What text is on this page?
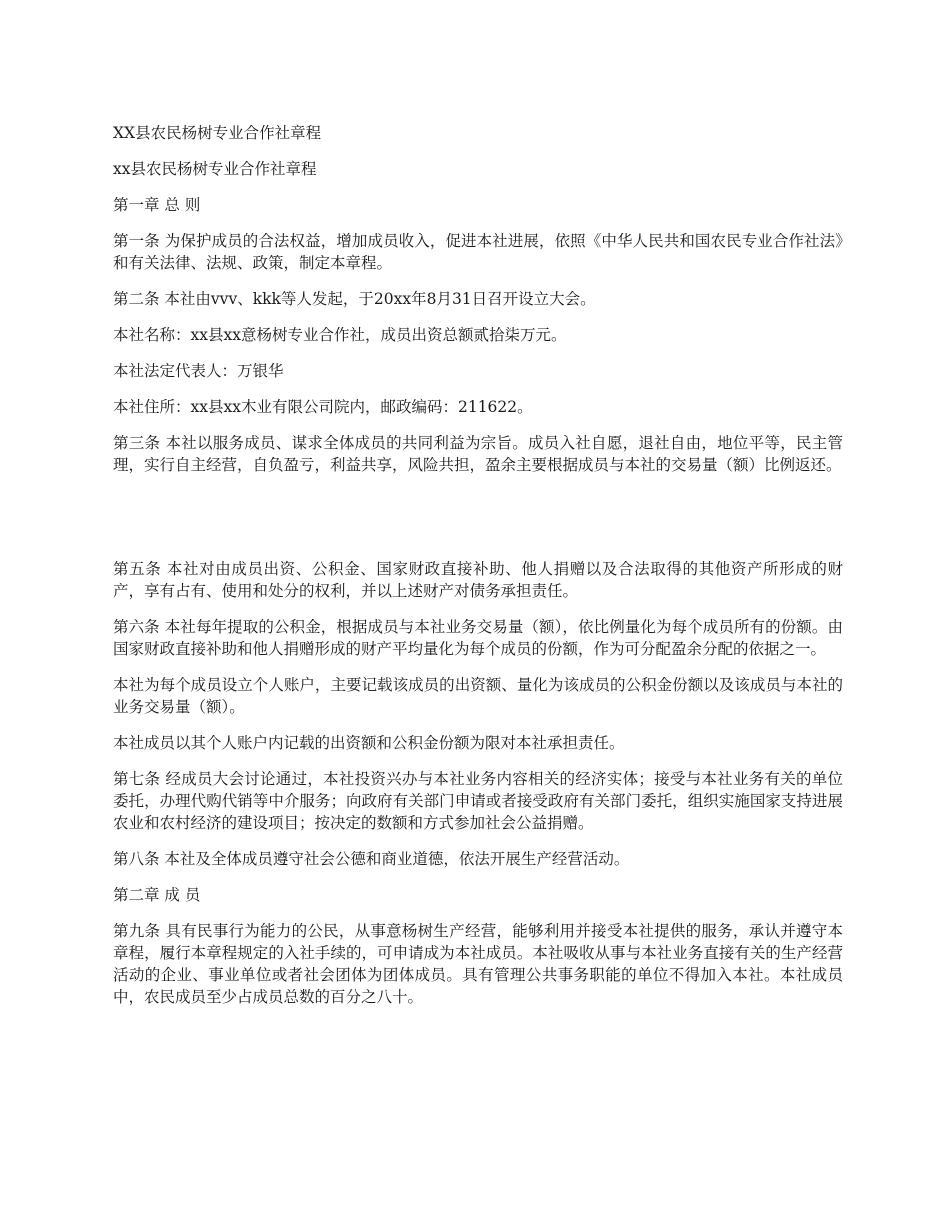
XX县农民杨树专业合作社章程

xx县农民杨树专业合作社章程

第一章 总 则

第一条 为保护成员的合法权益，增加成员收入，促进本社进展，依照《中华人民共和国农民专业合作社法》和有关法律、法规、政策，制定本章程。

第二条 本社由vvv、kkk等人发起，于20xx年8月31日召开设立大会。

本社名称：xx县xx意杨树专业合作社，成员出资总额贰拾柒万元。

本社法定代表人：万银华

本社住所：xx县xx木业有限公司院内，邮政编码：211622。

第三条 本社以服务成员、谋求全体成员的共同利益为宗旨。成员入社自愿，退社自由，地位平等，民主管理，实行自主经营，自负盈亏，利益共享，风险共担，盈余主要根据成员与本社的交易量（额）比例返还。

第五条 本社对由成员出资、公积金、国家财政直接补助、他人捐赠以及合法取得的其他资产所形成的财产，享有占有、使用和处分的权利，并以上述财产对债务承担责任。

第六条 本社每年提取的公积金，根据成员与本社业务交易量（额），依比例量化为每个成员所有的份额。由国家财政直接补助和他人捐赠形成的财产平均量化为每个成员的份额，作为可分配盈余分配的依据之一。

本社为每个成员设立个人账户，主要记载该成员的出资额、量化为该成员的公积金份额以及该成员与本社的业务交易量（额）。

本社成员以其个人账户内记载的出资额和公积金份额为限对本社承担责任。

第七条 经成员大会讨论通过，本社投资兴办与本社业务内容相关的经济实体；接受与本社业务有关的单位委托，办理代购代销等中介服务；向政府有关部门申请或者接受政府有关部门委托，组织实施国家支持进展农业和农村经济的建设项目；按决定的数额和方式参加社会公益捐赠。

第八条 本社及全体成员遵守社会公德和商业道德，依法开展生产经营活动。

第二章 成 员

第九条 具有民事行为能力的公民，从事意杨树生产经营，能够利用并接受本社提供的服务，承认并遵守本章程，履行本章程规定的入社手续的，可申请成为本社成员。本社吸收从事与本社业务直接有关的生产经营活动的企业、事业单位或者社会团体为团体成员。具有管理公共事务职能的单位不得加入本社。本社成员中，农民成员至少占成员总数的百分之八十。
